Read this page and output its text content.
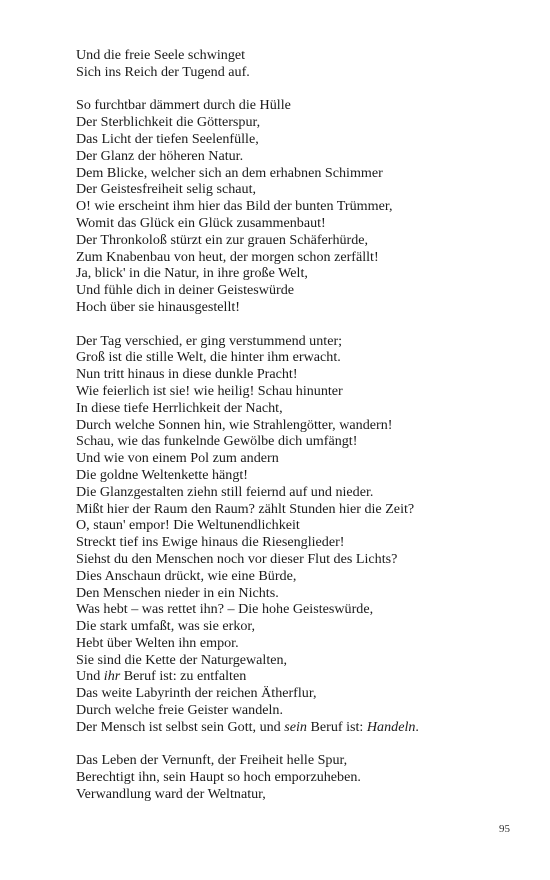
Und die freie Seele schwinget
Sich ins Reich der Tugend auf.
So furchtbar dämmert durch die Hülle
Der Sterblichkeit die Götterspur,
Das Licht der tiefen Seelenfülle,
Der Glanz der höheren Natur.
Dem Blicke, welcher sich an dem erhabnen Schimmer
Der Geistesfreiheit selig schaut,
O! wie erscheint ihm hier das Bild der bunten Trümmer,
Womit das Glück ein Glück zusammenbaut!
Der Thronkoloß stürzt ein zur grauen Schäferhürde,
Zum Knabenbau von heut, der morgen schon zerfällt!
Ja, blick' in die Natur, in ihre große Welt,
Und fühle dich in deiner Geisteswürde
Hoch über sie hinausgestellt!
Der Tag verschied, er ging verstummend unter;
Groß ist die stille Welt, die hinter ihm erwacht.
Nun tritt hinaus in diese dunkle Pracht!
Wie feierlich ist sie! wie heilig! Schau hinunter
In diese tiefe Herrlichkeit der Nacht,
Durch welche Sonnen hin, wie Strahlengötter, wandern!
Schau, wie das funkelnde Gewölbe dich umfängt!
Und wie von einem Pol zum andern
Die goldne Weltenkette hängt!
Die Glanzgestalten ziehn still feiernd auf und nieder.
Mißt hier der Raum den Raum? zählt Stunden hier die Zeit?
O, staun' empor! Die Weltunendlichkeit
Streckt tief ins Ewige hinaus die Riesenglieder!
Siehst du den Menschen noch vor dieser Flut des Lichts?
Dies Anschaun drückt, wie eine Bürde,
Den Menschen nieder in ein Nichts.
Was hebt – was rettet ihn? – Die hohe Geisteswürde,
Die stark umfaßt, was sie erkor,
Hebt über Welten ihn empor.
Sie sind die Kette der Naturgewalten,
Und ihr Beruf ist: zu entfalten
Das weite Labyrinth der reichen Ätherflur,
Durch welche freie Geister wandeln.
Der Mensch ist selbst sein Gott, und sein Beruf ist: Handeln.
Das Leben der Vernunft, der Freiheit helle Spur,
Berechtigt ihn, sein Haupt so hoch emporzuheben.
Verwandlung ward der Weltnatur,
95
